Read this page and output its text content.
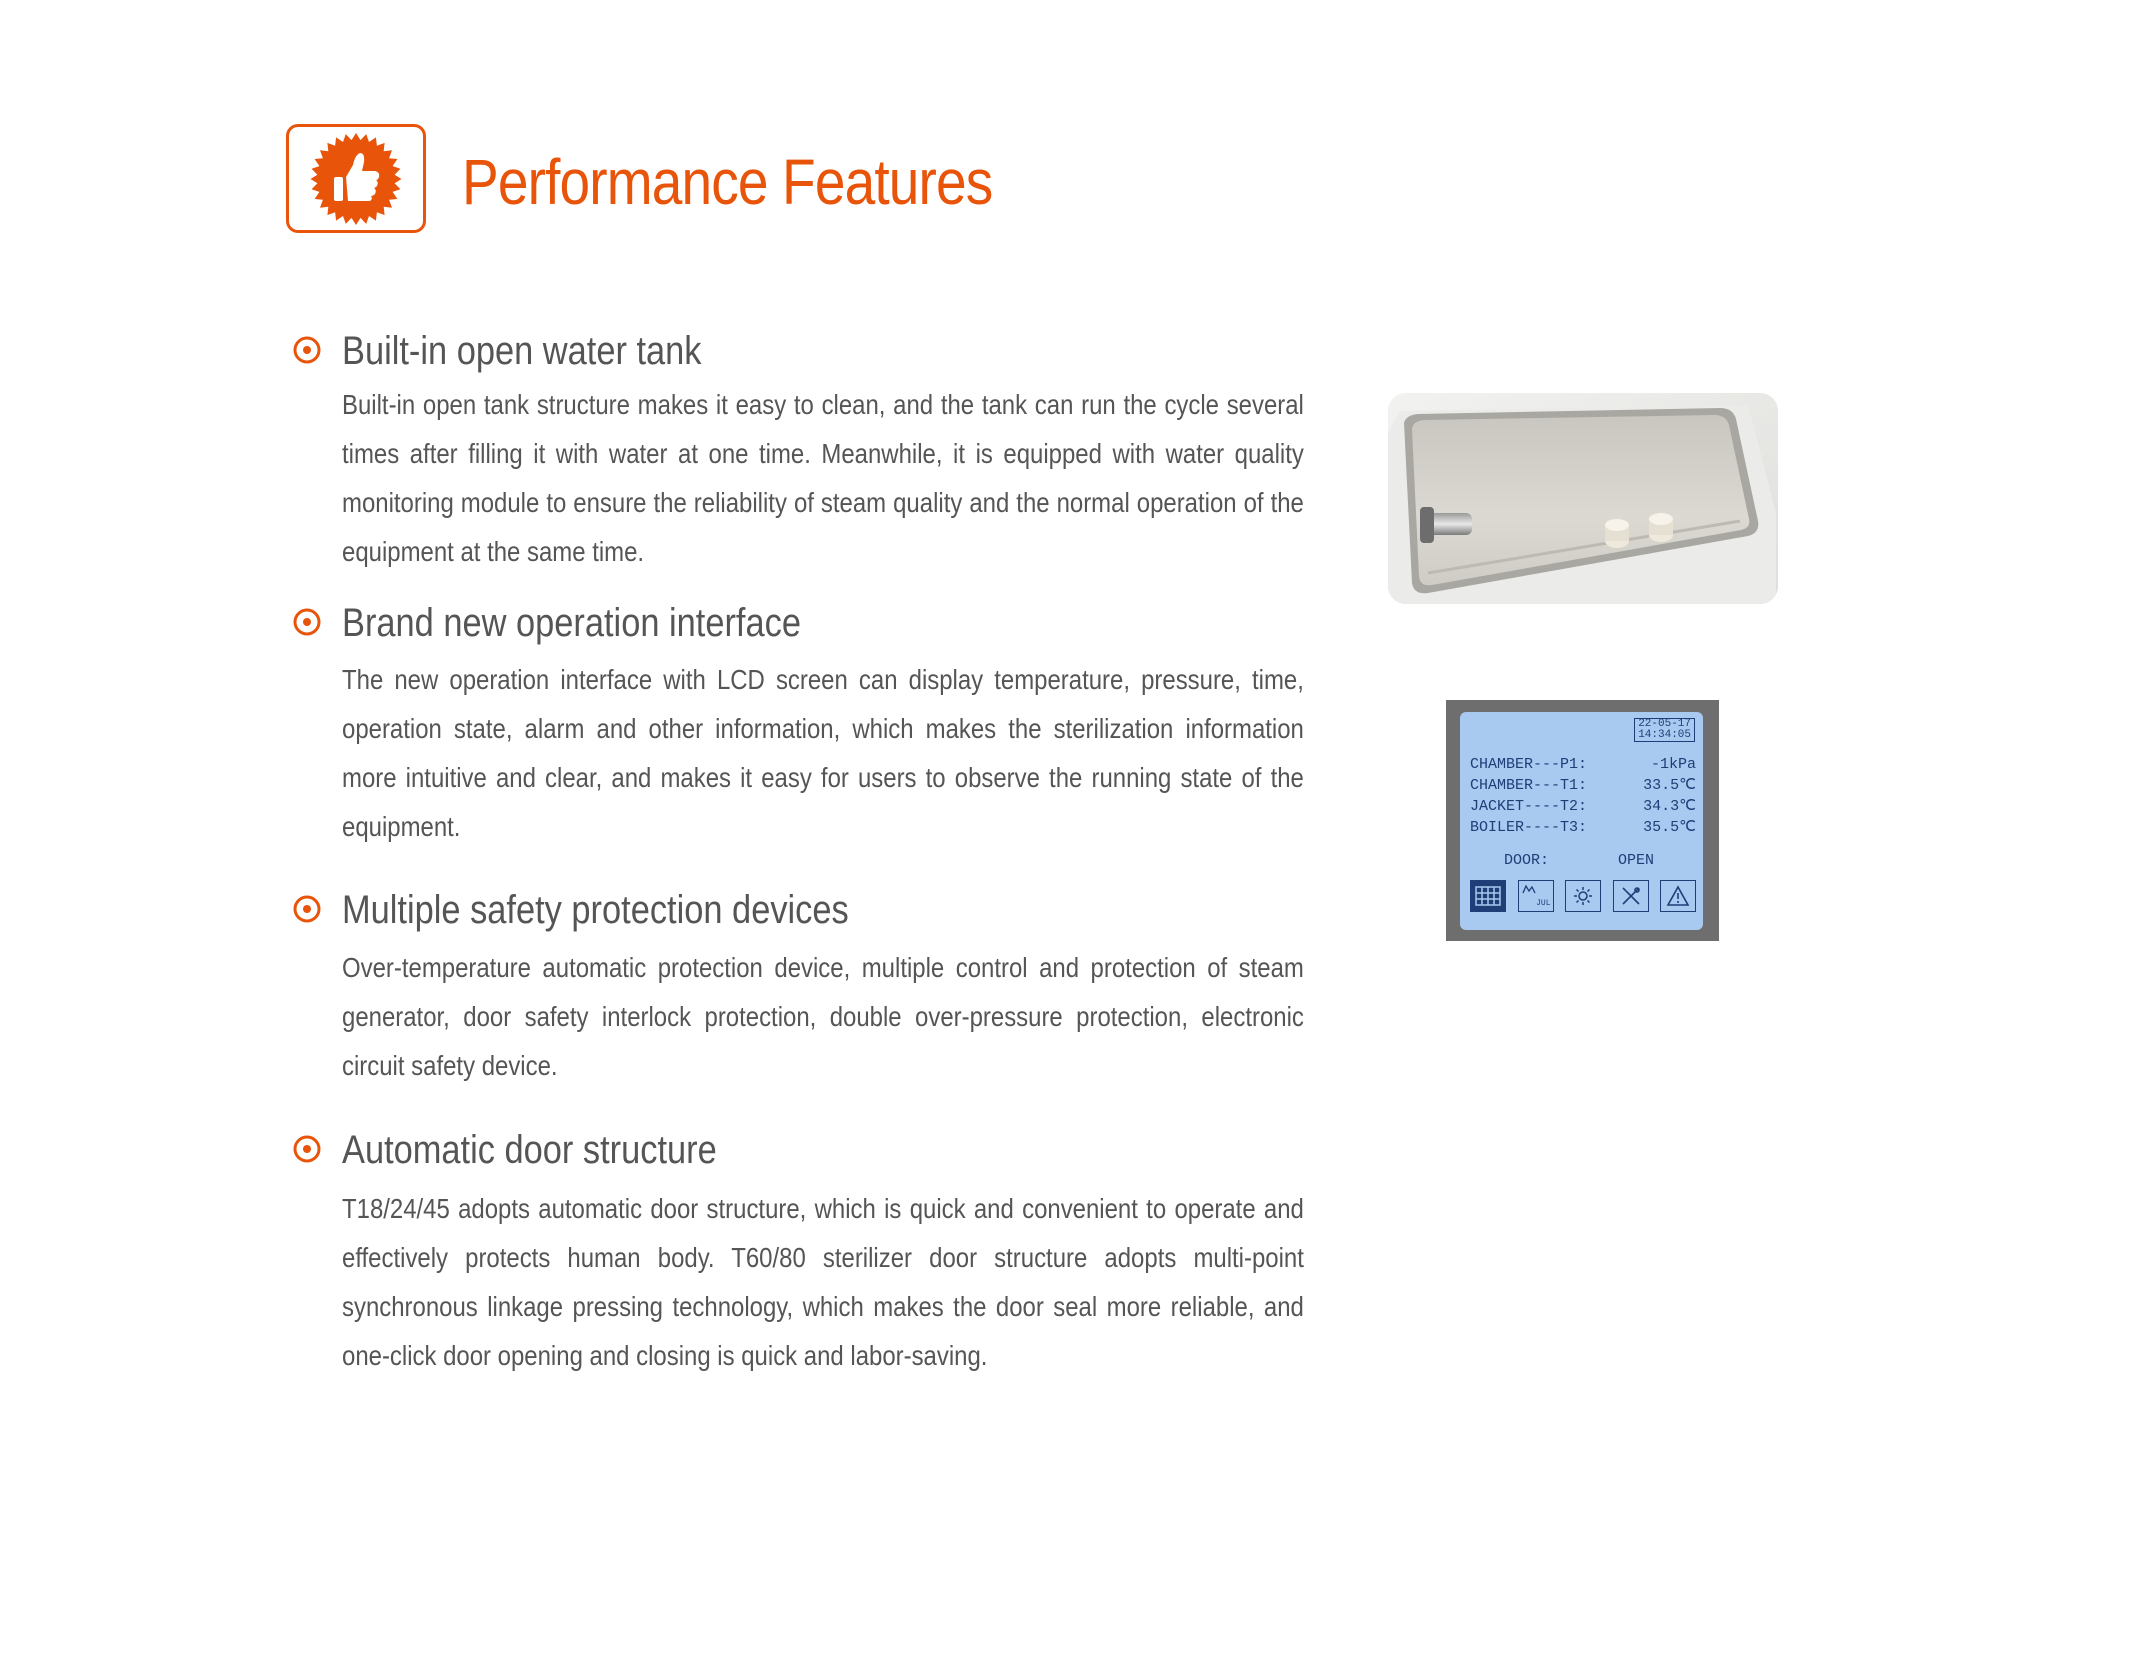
Performance Features
Built-in open water tank
Built-in open tank structure makes it easy to clean, and the tank can run the cycle several times after filling it with water at one time. Meanwhile, it is equipped with water quality monitoring module to ensure the reliability of steam quality and the normal operation of the equipment at the same time.
Brand new operation interface
The new operation interface with LCD screen can display temperature, pressure, time, operation state, alarm and other information, which makes the sterilization information more intuitive and clear, and makes it easy for users to observe the running state of the equipment.
Multiple safety protection devices
Over-temperature automatic protection device, multiple control and protection of steam generator, door safety interlock protection, double over-pressure protection, electronic circuit safety device.
Automatic door structure
T18/24/45 adopts automatic door structure, which is quick and convenient to operate and effectively protects human body. T60/80 sterilizer door structure adopts multi-point synchronous linkage pressing technology, which makes the door seal more reliable, and one-click door opening and closing is quick and labor-saving.
22-05-17
14:34:05
CHAMBER---P1:	-1kPa
CHAMBER---T1:	33.5℃
JACKET----T2:	34.3℃
BOILER----T3:	35.5℃
DOOR:	OPEN
JUL
